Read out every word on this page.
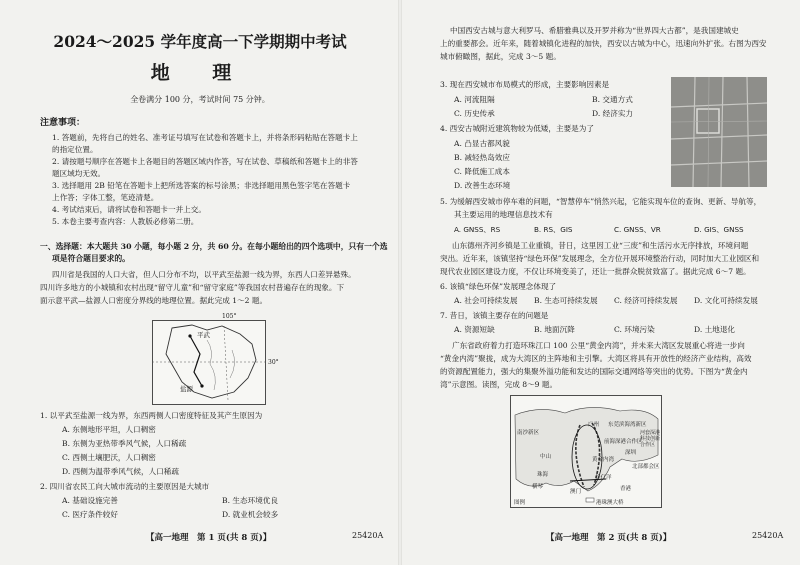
2024～2025 学年度高一下学期期中考试
地 理
全卷满分 100 分，考试时间 75 分钟。
注意事项：
1. 答题前，先将自己的姓名、准考证号填写在试卷和答题卡上，并将条形码粘贴在答题卡上
的指定位置。
2. 请按题号顺序在答题卡上各题目的答题区域内作答，写在试卷、草稿纸和答题卡上的非答
题区域均无效。
3. 选择题用 2B 铅笔在答题卡上把所选答案的标号涂黑；非选择题用黑色签字笔在答题卡
上作答；字体工整，笔迹清楚。
4. 考试结束后，请将试卷和答题卡一并上交。
5. 本卷主要考查内容：人教版必修第二册。
一、选择题：本大题共 30 小题，每小题 2 分，共 60 分。在每小题给出的四个选项中，只有一个选
项是符合题目要求的。
四川省是我国的人口大省，但人口分布不均，以平武至盐源一线为界，东西人口差异悬殊。
四川许多地方的小城镇和农村出现“留守儿童”和“留守家庭”等我国农村普遍存在的现象。下
面示意平武—盐源人口密度分界线的地理位置。据此完成 1～2 题。
105°
30°
平武
盐源
1. 以平武至盐源一线为界，东西两侧人口密度特征及其产生原因为
A. 东侧地形平坦，人口稠密
B. 东侧为亚热带季风气候，人口稀疏
C. 西侧土壤肥沃，人口稠密
D. 西侧为温带季风气候，人口稀疏
2. 四川省农民工向大城市流动的主要原因是大城市
A. 基础设施完善	B. 生态环境优良
C. 医疗条件较好	D. 就业机会较多
【高一地理　第 1 页(共 8 页)】	25420A
中国西安古城与意大利罗马、希腊雅典以及开罗并称为“世界四大古都”，是我国建城史
上的重要都会。近年来，随着城镇化进程的加快，西安以古城为中心，迅速向外扩张。右图为西安
城市俯瞰图，据此，完成 3～5 题。
3. 现在西安城市布局模式的形成，主要影响因素是
A. 河流阻隔	B. 交通方式
C. 历史传承	D. 经济实力
4. 西安古城附近建筑物较为低矮，主要是为了
A. 凸显古都风貌
B. 减轻热岛效应
C. 降低施工成本
D. 改善生态环境
5. 为缓解西安城市停车难的问题，“智慧停车”悄然兴起，它能实现车位的查询、更新、导航等，
其主要运用的地理信息技术有
A. GNSS、RS	B. RS、GIS	C. GNSS、VR	D. GIS、GNSS
山东德州齐河乡镇是工业重镇，昔日，这里因工业“三废”和生活污水无序排放，环境问题
突出。近年来，该镇坚持“绿色环保”发展理念，全方位开展环境整治行动，同时加大工业园区和
现代农业园区建设力度，不仅让环境变美了，还让一批群众脱贫致富了。据此完成 6～7 题。
6. 该镇“绿色环保”发展理念体现了
A. 社会可持续发展 B. 生态可持续发展 C. 经济可持续发展 D. 文化可持续发展
7. 昔日，该镇主要存在的问题是
A. 资源短缺	B. 地面沉降	C. 环境污染	D. 土地退化
广东省政府着力打造环珠江口 100 公里“黄金内湾”，并未来大湾区发展重心将进一步向
“黄金内湾”聚拢，成为大湾区的主阵地和主引擎。大湾区将具有开放性的经济产业结构，高效
的资源配置能力，强大的集聚外溢功能和发达的国际交通网络等突出的优势。下图为“黄金内
湾”示意图。读图，完成 8～9 题。
南沙新区
广州 东莞滨海湾新区
中山
深圳
前海深港合作区
珠海
横琴
澳门	香港
黄金内湾
北部都会区
伶仃洋
河套深港科技创新合作区
港珠澳大桥
图例
【高一地理　第 2 页(共 8 页)】	25420A
